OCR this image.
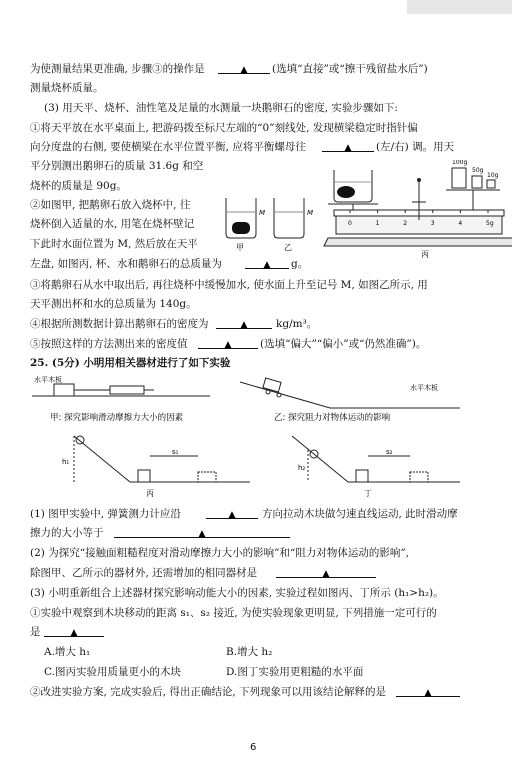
为使测量结果更准确, 步骤③的操作是	▲ (选填“直接”或“擦干残留盐水后”)
测量烧杯质量。
(3) 用天平、烧杯、油性笔及足量的水测量一块鹅卵石的密度, 实验步骤如下:
①将天平放在水平桌面上, 把游码拨至标尺左端的“0”刻线处, 发现横梁稳定时指针偏
向分度盘的右侧, 要使横梁在水平位置平衡, 应将平衡螺母往	▲ (左/右) 调。用天
平分别测出鹅卵石的质量 31.6g 和空
烧杯的质量是 90g。
②如图甲, 把鹅卵石放入烧杯中, 往
烧杯倒入适量的水, 用笔在烧杯壁记
下此时水面位置为 M, 然后放在天平
左盘, 如图丙, 杯、水和鹅卵石的总质量为	▲ g。
③将鹅卵石从水中取出后, 再往烧杯中缓慢加水, 使水面上升至记号 M, 如图乙所示, 用
天平测出杯和水的总质量为 140g。
④根据所测数据计算出鹅卵石的密度为	▲	kg/m³。
⑤按照这样的方法测出来的密度值	▲	(选填“偏大”“偏小”或“仍然准确”)。
25. (5分) 小明用相关器材进行了如下实验
100g
50g
10g
0	1	2	3	4	5g
丙
M
甲
M
乙
水平木板
甲: 探究影响滑动摩擦力大小的因素
水平木板
乙: 探究阻力对物体运动的影响
h₁
s₁
丙
h₂
s₂
丁
(1) 图甲实验中, 弹簧测力计应沿	▲	方向拉动木块做匀速直线运动, 此时滑动摩
擦力的大小等于	▲
(2) 为探究“接触面粗糙程度对滑动摩擦力大小的影响”和“阻力对物体运动的影响”,
除图甲、乙所示的器材外, 还需增加的相同器材是	▲
(3) 小明重新组合上述器材探究影响动能大小的因素, 实验过程如图丙、丁所示 (h₁>h₂)。
①实验中观察到木块移动的距离 s₁、s₂ 接近, 为使实验现象更明显, 下列措施一定可行的
是	▲
A.增大 h₁	B.增大 h₂
C.图丙实验用质量更小的木块	D.图丁实验用更粗糙的水平面
②改进实验方案, 完成实验后, 得出正确结论, 下列现象可以用该结论解释的是	▲
6
